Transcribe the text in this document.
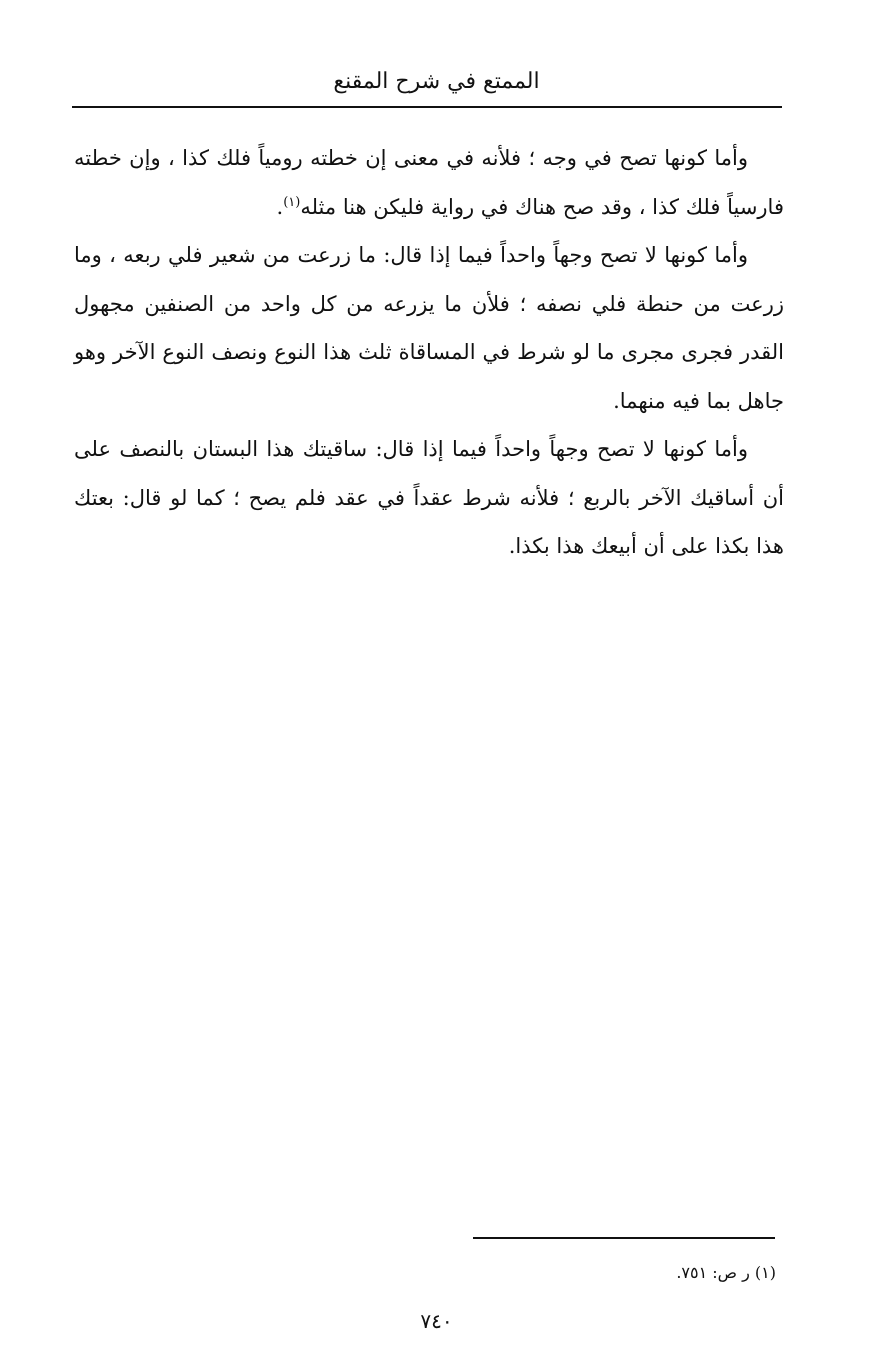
الممتع في شرح المقنع

وأما كونها تصح في وجه ؛ فلأنه في معنى إن خطته رومياً فلك كذا ، وإن خطته فارسياً فلك كذا ، وقد صح هناك في رواية فليكن هنا مثله$^{(١)}$.

وأما كونها لا تصح وجهاً واحداً فيما إذا قال: ما زرعت من شعير فلي ربعه ، وما زرعت من حنطة فلي نصفه ؛ فلأن ما يزرعه من كل واحد من الصنفين مجهول القدر فجرى مجرى ما لو شرط في المساقاة ثلث هذا النوع ونصف النوع الآخر وهو جاهل بما فيه منهما.

وأما كونها لا تصح وجهاً واحداً فيما إذا قال: ساقيتك هذا البستان بالنصف على أن أساقيك الآخر بالربع ؛ فلأنه شرط عقداً في عقد فلم يصح ؛ كما لو قال: بعتك هذا بكذا على أن أبيعك هذا بكذا.

(١) ر ص: ٧٥١.
٧٤٠
